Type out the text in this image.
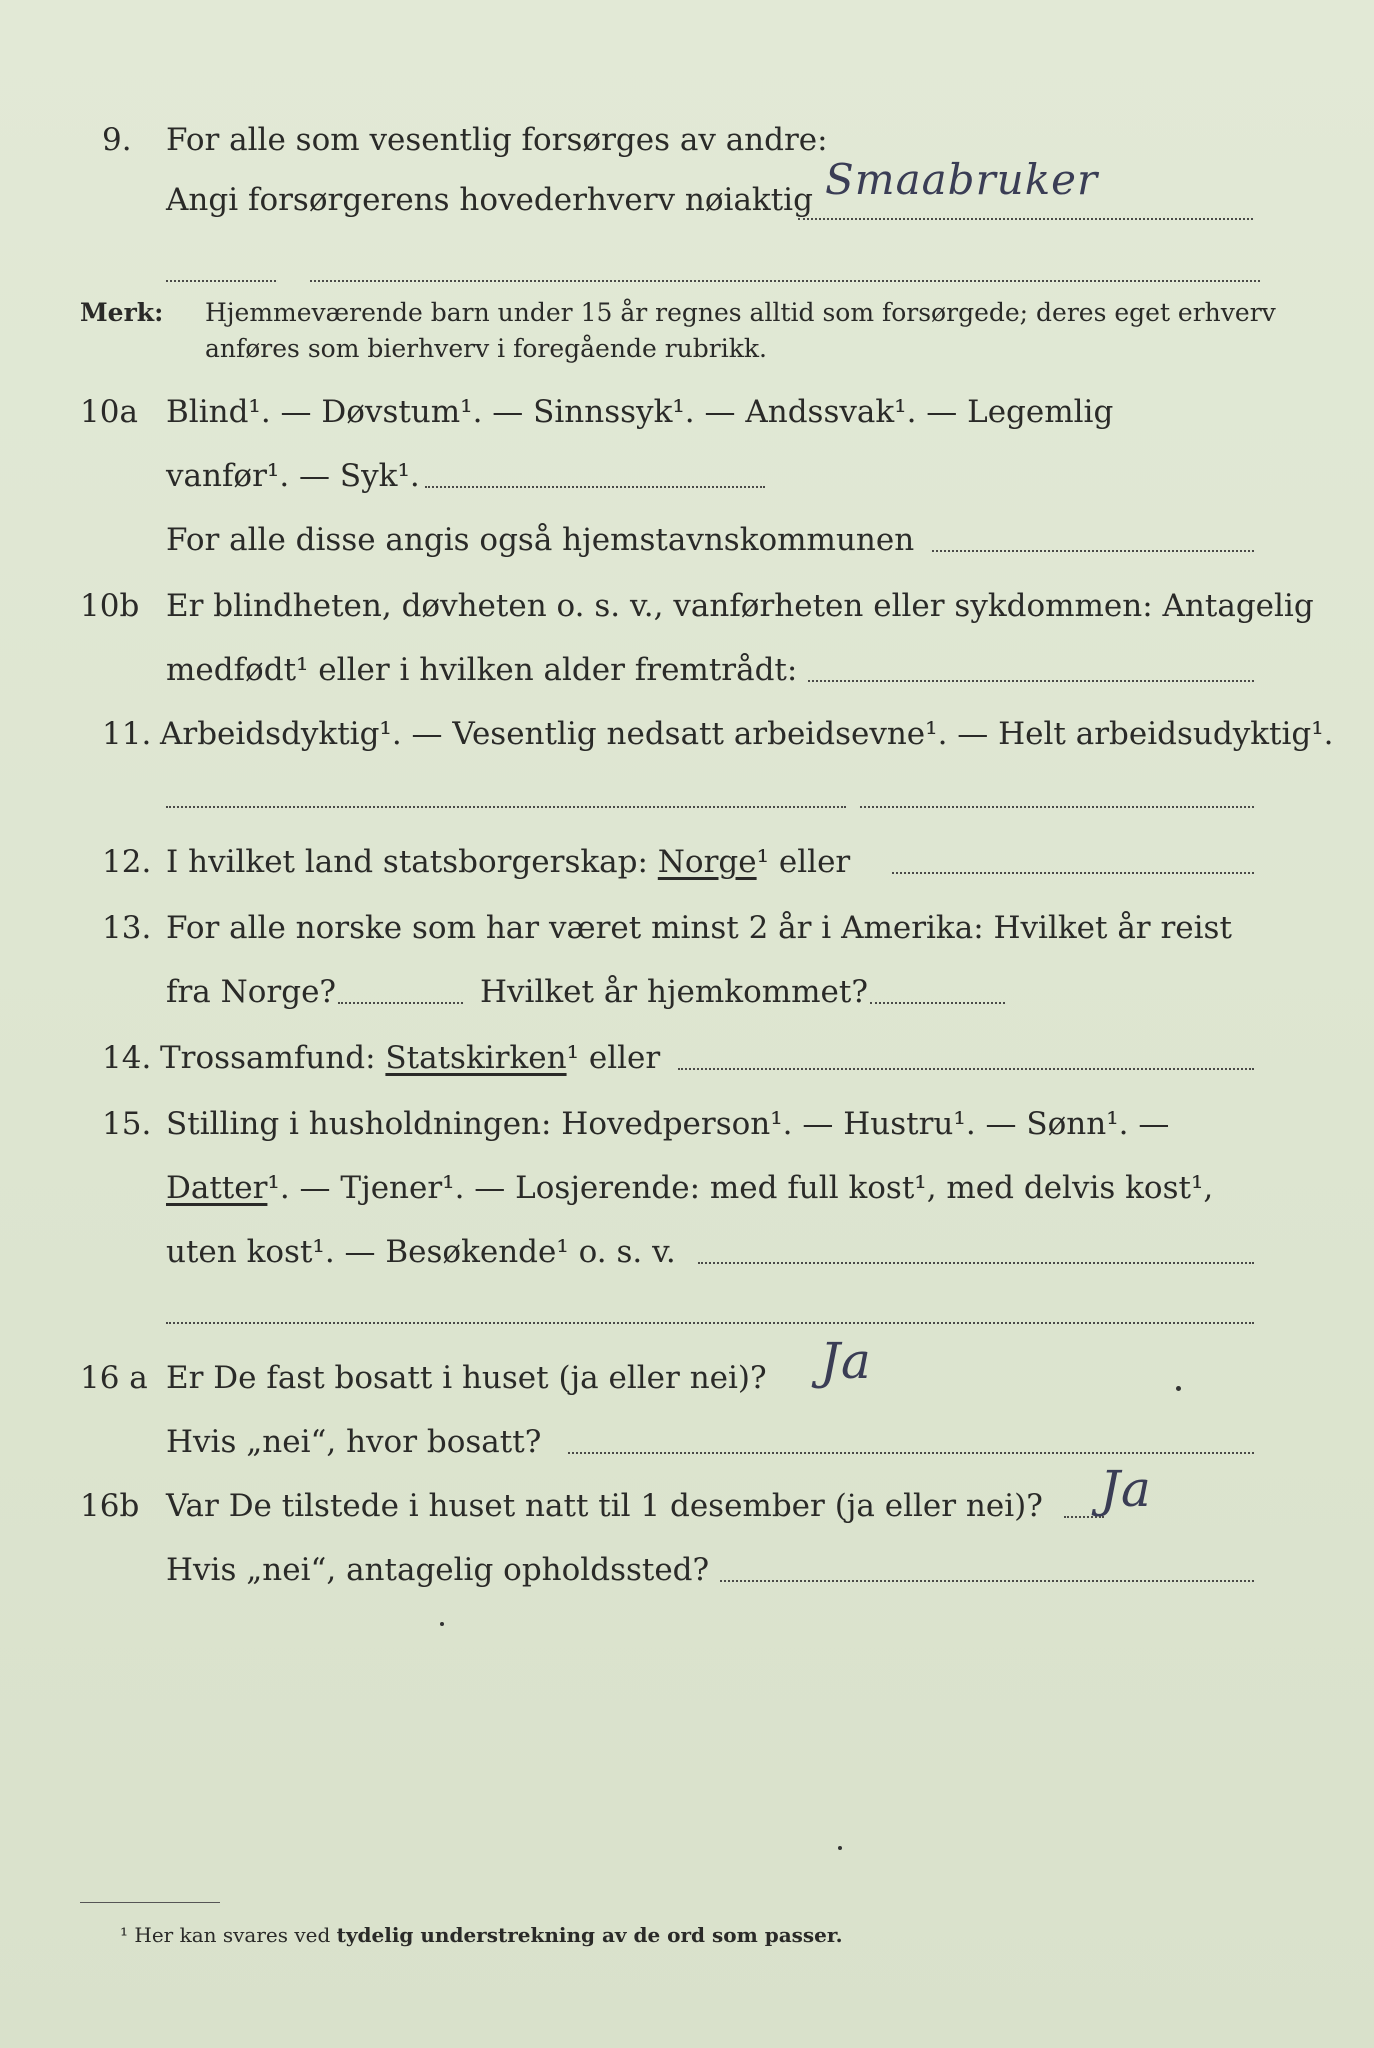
9. For alle som vesentlig forsørges av andre:
Angi forsørgerens hovederhverv nøiaktig Smaabruker
Merk: Hjemmeværende barn under 15 år regnes alltid som forsørgede; deres eget erhverv anføres som bierhverv i foregående rubrikk.
10a Blind¹. — Døvstum¹. — Sinnssyk¹. — Andssvak¹. — Legemlig
vanfør¹. — Syk¹.
For alle disse angis også hjemstavnskommunen
10b Er blindheten, døvheten o. s. v., vanførheten eller sykdommen: Antagelig
medfødt¹ eller i hvilken alder fremtrådt:
11. Arbeidsdyktig¹. — Vesentlig nedsatt arbeidsevne¹. — Helt arbeidsudyktig¹.
12. I hvilket land statsborgerskap: Norge¹ eller
13. For alle norske som har været minst 2 år i Amerika: Hvilket år reist
fra Norge?	Hvilket år hjemkommet?
14. Trossamfund: Statskirken¹ eller
15. Stilling i husholdningen: Hovedperson¹. — Hustru¹. — Sønn¹. —
Datter¹. — Tjener¹. — Losjerende: med full kost¹, med delvis kost¹,
uten kost¹. — Besøkende¹ o. s. v.
16 a Er De fast bosatt i huset (ja eller nei)? Ja
Hvis „nei“, hvor bosatt?
16b Var De tilstede i huset natt til 1 desember (ja eller nei)? Ja
Hvis „nei“, antagelig opholdssted?
¹ Her kan svares ved tydelig understrekning av de ord som passer.
